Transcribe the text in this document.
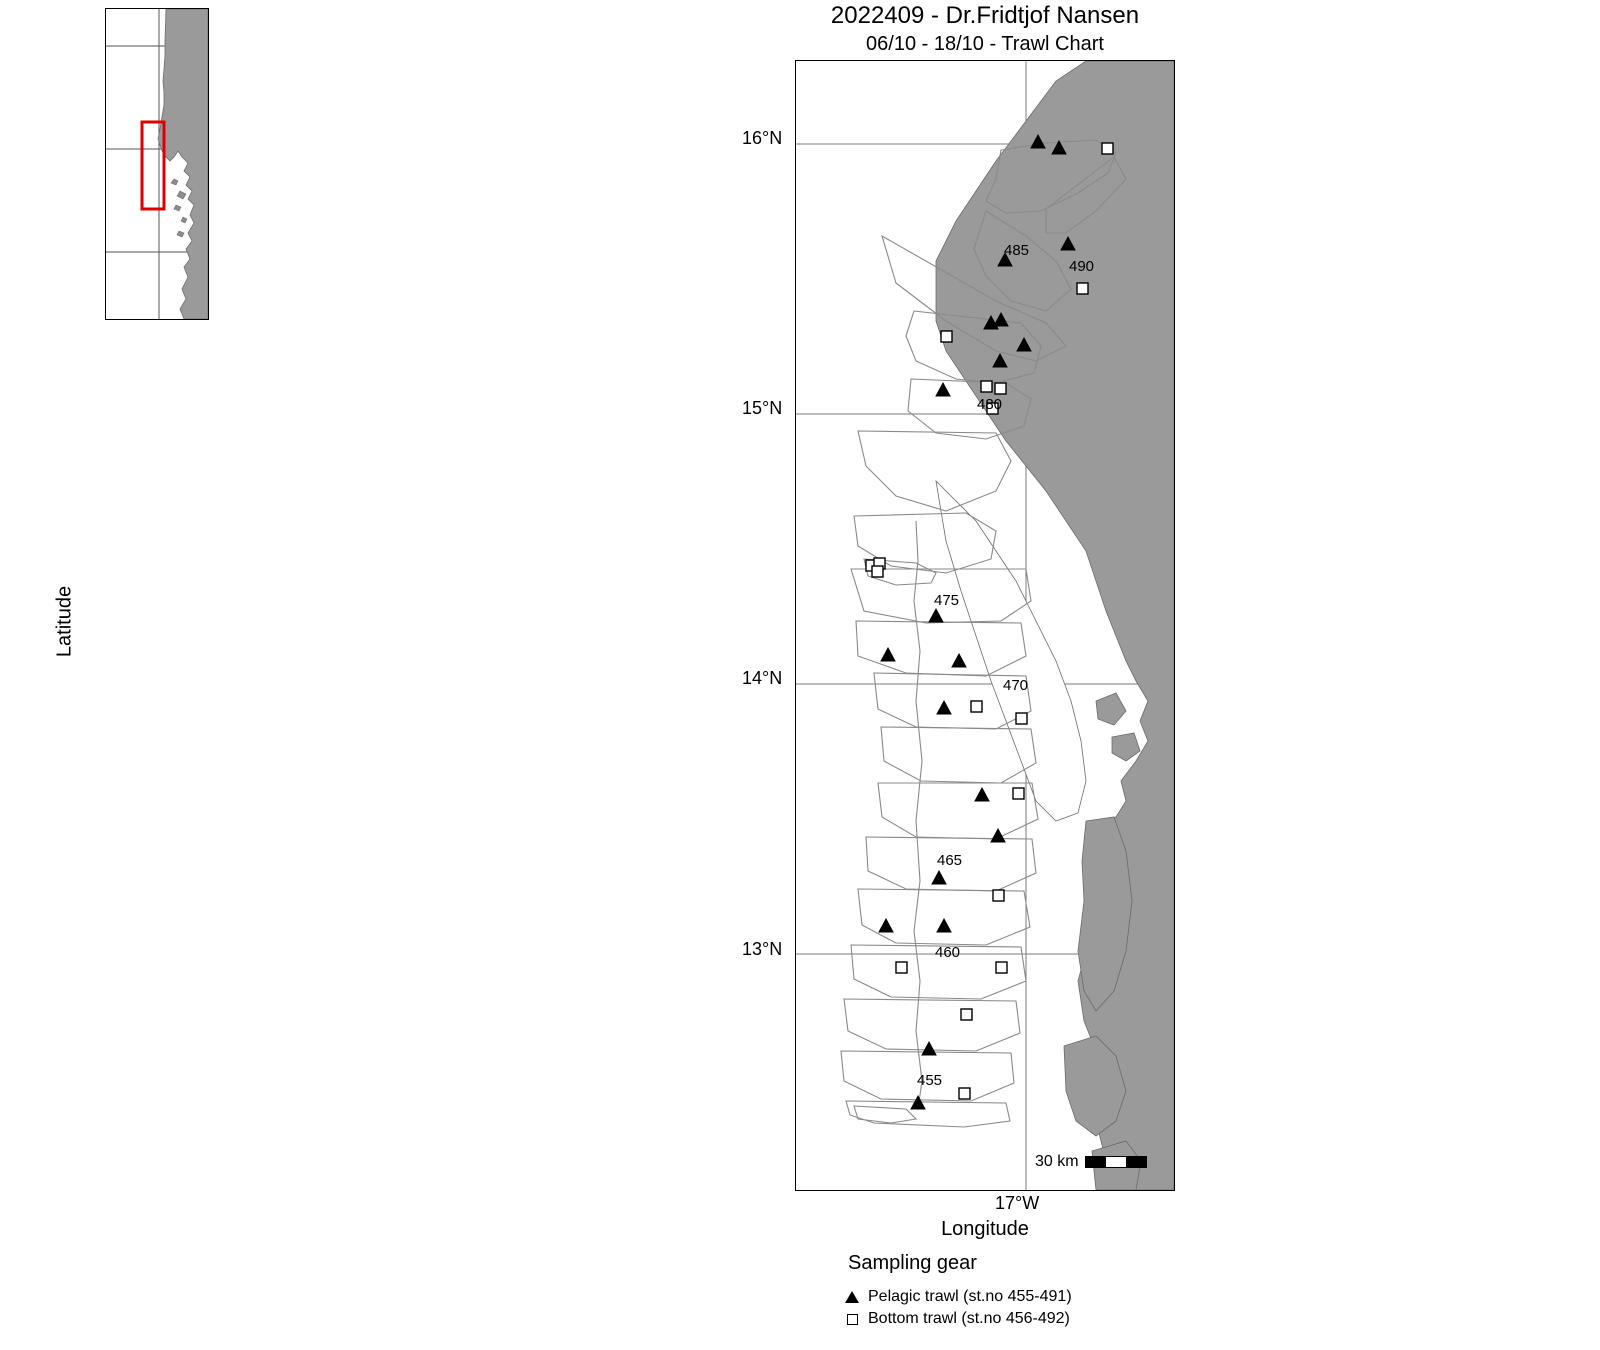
2022409 - Dr.Fridtjof Nansen
06/10 - 18/10 - Trawl Chart
16°N
15°N
14°N
13°N
17°W
Latitude
Longitude
490
485
480
475
470
465
460
455
30 km
Sampling gear
Pelagic trawl (st.no 455-491)
Bottom trawl (st.no 456-492)
